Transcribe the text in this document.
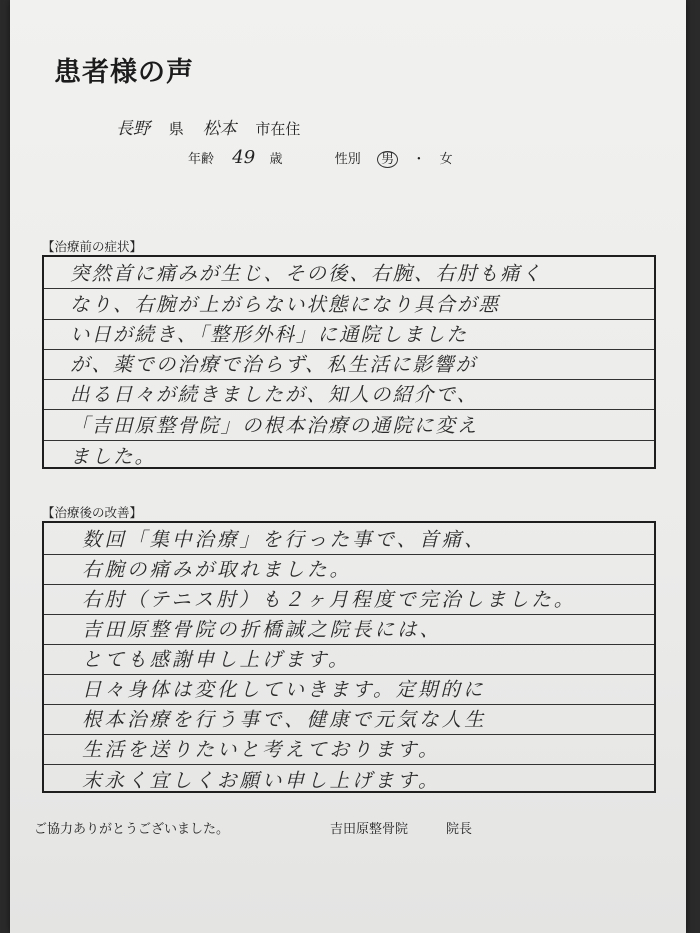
患者様の声
長野 県 松本 市在住
年齢 49 歳	性別 男 ・ 女
【治療前の症状】
突然首に痛みが生じ、その後、右腕、右肘も痛く
なり、右腕が上がらない状態になり具合が悪
い日が続き、「整形外科」に通院しました
が、薬での治療で治らず、私生活に影響が
出る日々が続きましたが、知人の紹介で、
「吉田原整骨院」の根本治療の通院に変え
ました。
【治療後の改善】
数回「集中治療」を行った事で、首痛、
右腕の痛みが取れました。
右肘（テニス肘）も２ヶ月程度で完治しました。
吉田原整骨院の折橋誠之院長には、
とても感謝申し上げます。
日々身体は変化していきます。定期的に
根本治療を行う事で、健康で元気な人生
生活を送りたいと考えております。
末永く宜しくお願い申し上げます。
ご協力ありがとうございました。	吉田原整骨院	院長
